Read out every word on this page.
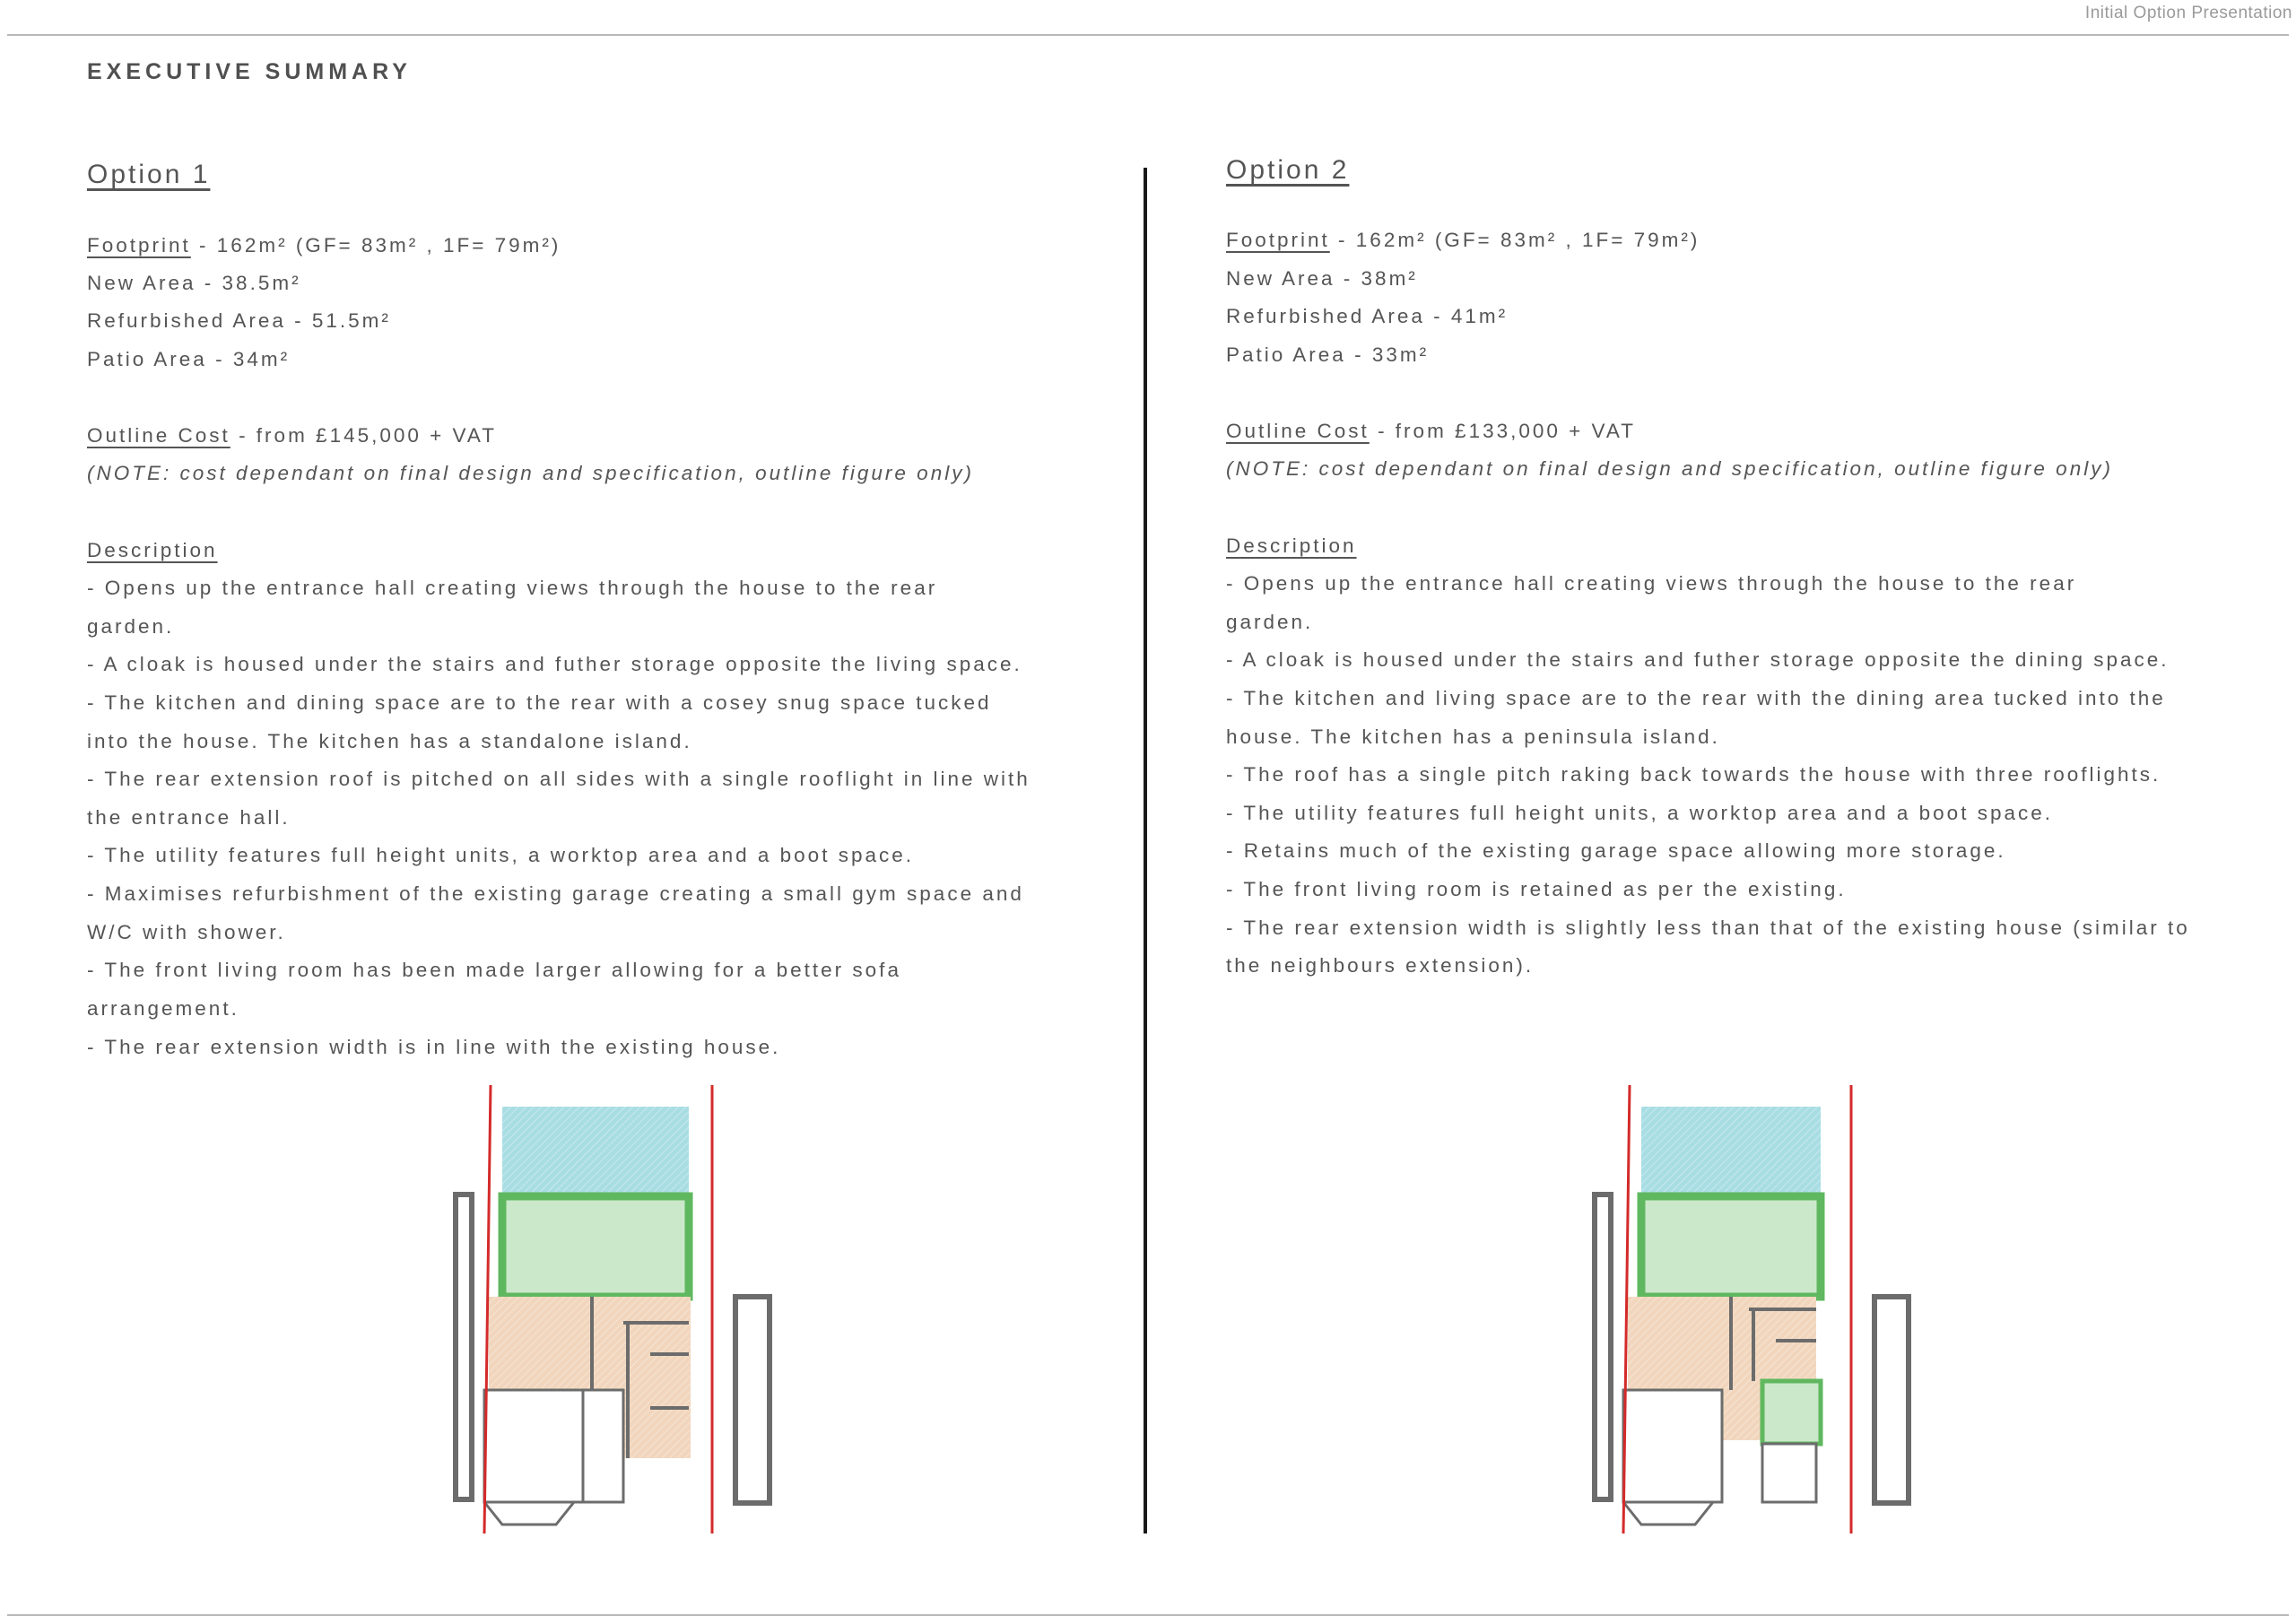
Initial Option Presentation
EXECUTIVE SUMMARY
Option 1
Footprint - 162m² (GF= 83m² , 1F= 79m²)
New Area - 38.5m²
Refurbished Area - 51.5m²
Patio Area - 34m²
Outline Cost - from £145,000 + VAT
(NOTE: cost dependant on final design and specification, outline figure only)
Description
- Opens up the entrance hall creating views through the house to the rear
garden.
- A cloak is housed under the stairs and futher storage opposite the living space.
- The kitchen and dining space are to the rear with a cosey snug space tucked
into the house. The kitchen has a standalone island.
- The rear extension roof is pitched on all sides with a single rooflight in line with
the entrance hall.
- The utility features full height units, a worktop area and a boot space.
- Maximises refurbishment of the existing garage creating a small gym space and
W/C with shower.
- The front living room has been made larger allowing for a better sofa
arrangement.
- The rear extension width is in line with the existing house.
Option 2
Footprint - 162m² (GF= 83m² , 1F= 79m²)
New Area - 38m²
Refurbished Area - 41m²
Patio Area - 33m²
Outline Cost - from £133,000 + VAT
(NOTE: cost dependant on final design and specification, outline figure only)
Description
- Opens up the entrance hall creating views through the house to the rear
garden.
- A cloak is housed under the stairs and futher storage opposite the dining space.
- The kitchen and living space are to the rear with the dining area tucked into the
house. The kitchen has a peninsula island.
- The roof has a single pitch raking back towards the house with three rooflights.
- The utility features full height units, a worktop area and a boot space.
- Retains much of the existing garage space allowing more storage.
- The front living room is retained as per the existing.
- The rear extension width is slightly less than that of the existing house (similar to
the neighbours extension).
